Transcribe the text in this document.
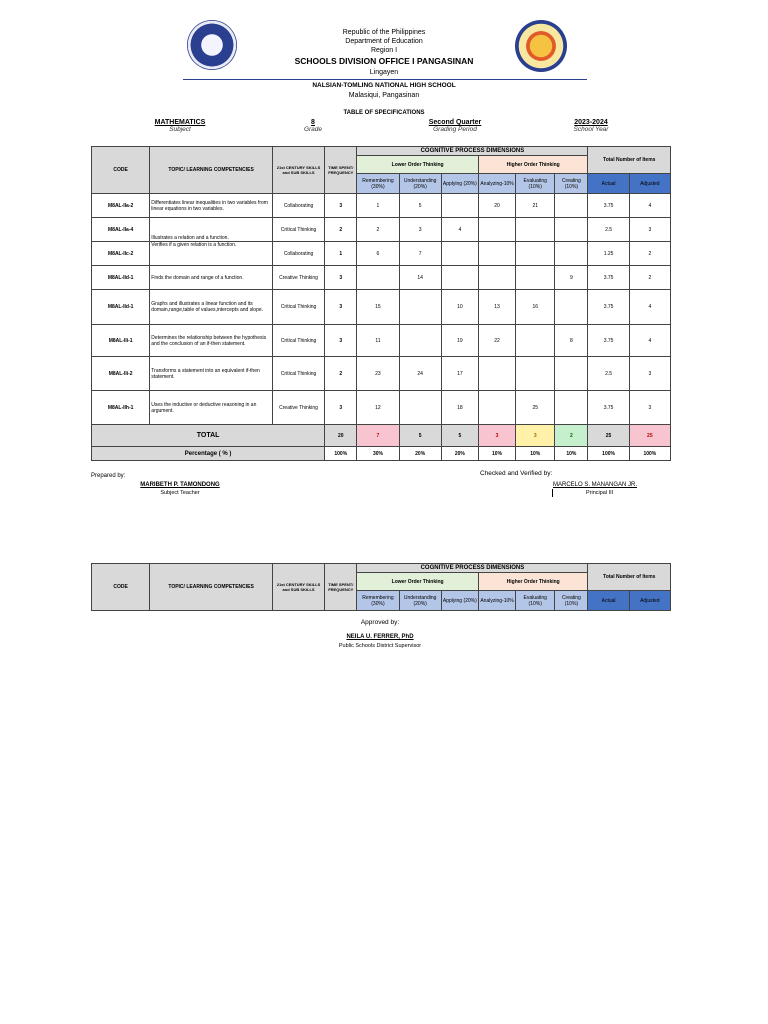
Republic of the Philippines
Department of Education
Region I
SCHOOLS DIVISION OFFICE I PANGASINAN
Lingayen
NALSIAN-TOMLING NATIONAL HIGH SCHOOL
Malasiqui, Pangasinan
TABLE OF SPECIFICATIONS
MATHEMATICS
Subject
8
Grade
Second Quarter
Grading Period
2023-2024
School Year
CODE	TOPIC/ LEARNING COMPETENCIES	21st CENTURY SKILLS and SUB SKILLS	TIME SPENT/ FREQUENCY	COGNITIVE PROCESS DIMENSIONS						Total Number of Items	
				Lower Order Thinking			Higher Order Thinking				
				Remembering (30%)	Understanding (20%)	Applying (20%)	Analyzing-10%	Evaluating (10%)	Creating (10%)	Actual	Adjusted
M8AL-IIa-2	Differentiates linear inequalities in two variables from linear equations in two variables.	Collaborating	3	1	5		20	21		3.75	4
M8AL-IIa-4	Illustrates a relation and a function.	Critical Thinking	2	2	3	4				2.5	3
M8AL-IIc-2	Verifies if a given relation is a function.	Collaborating	1	6	7					1.25	2
M8AL-IId-1	Finds the domain and range of a function.	Creative Thinking	3		14				9	3.75	2
M8AL-IId-1	Graphs and illustrates a linear function and its domain,range,table of values,intercepts and slope.	Critical Thinking	3	15		10	13	16		3.75	4
M8AL-IIi-1	Determines the relationship between the hypothesis and the conclusion of an if-then statement.	Critical Thinking	3	11		19	22		8	3.75	4
M8AL-IIi-2	Transforms a statement into an equivalent if-then statement.	Critical Thinking	2	23	24	17				2.5	3
M8AL-IIh-1	Uses the inductive or deductive reasoning in an argument.	Creative Thinking	3	12		18		25		3.75	3
TOTAL			20	7	5	5	3	3	2	25	25
Percentage ( % )			100%	30%	20%	20%	10%	10%	10%	100%	100%
Prepared by:
MARIBETH P. TAMONDONG
Subject Teacher
Checked and Verified by:
MARCELO S. MANANGAN JR.
Principal III
CODE	TOPIC/ LEARNING COMPETENCIES	21st CENTURY SKILLS and SUB SKILLS	TIME SPENT/ FREQUENCY	COGNITIVE PROCESS DIMENSIONS						Total Number of Items	
				Lower Order Thinking			Higher Order Thinking				
				Remembering (30%)	Understanding (20%)	Applying (20%)	Analyzing-10%	Evaluating (10%)	Creating (10%)	Actual	Adjusted
Approved by:
NEILA U. FERRER, PhD
Public Schools District Supervisor
